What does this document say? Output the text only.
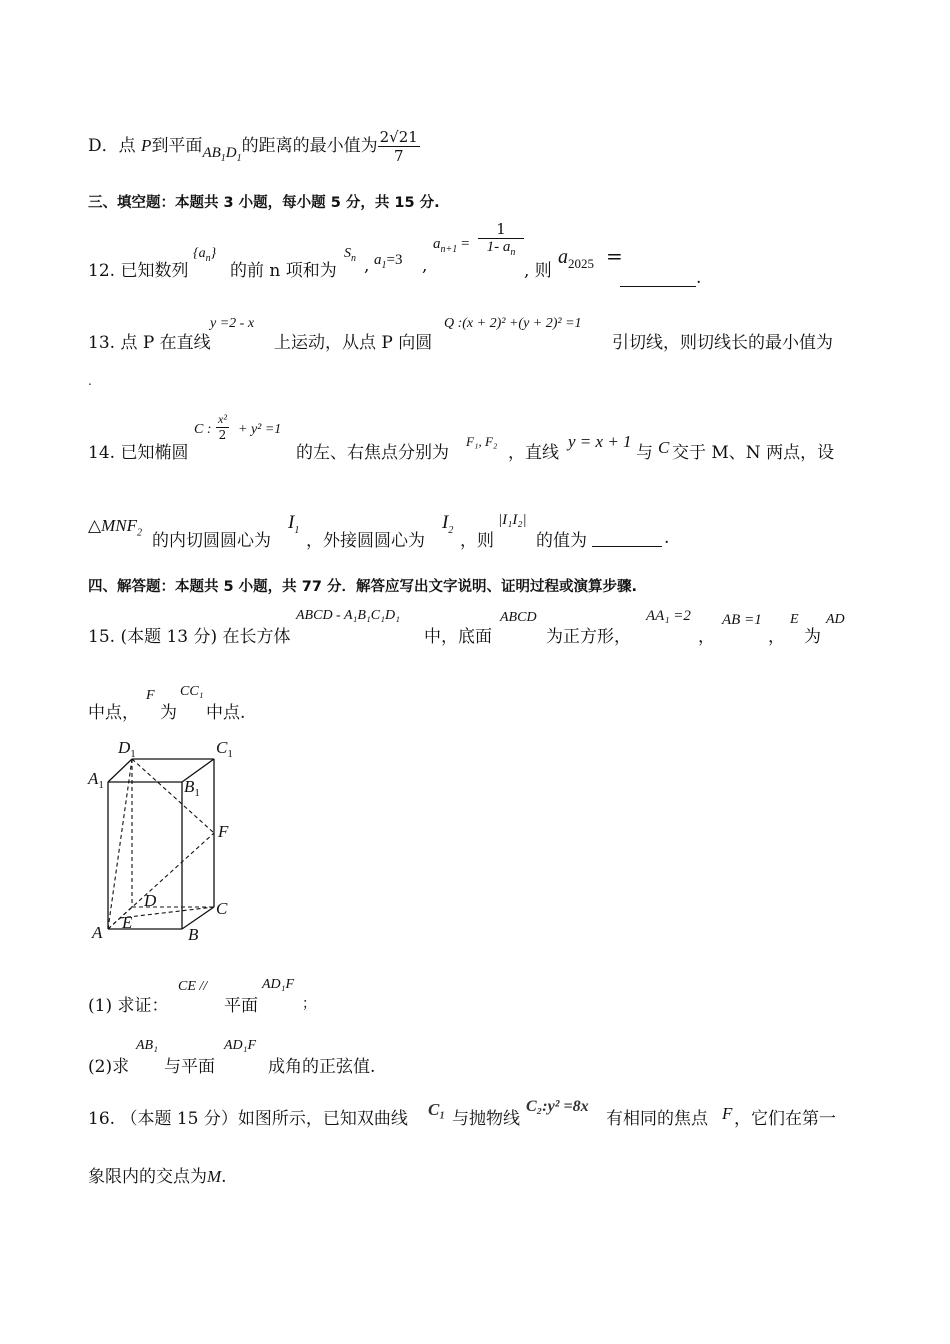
D．点 P到平面$AB_1D_1$的距离的最小值为 $\frac{2√21}{7}$
三、填空题：本题共 3 小题，每小题 5 分，共 15 分.
12. 已知数列
$\{a_n\}$
的前 n 项和为
$S_n$ , $a_1=3$ ,
$a_{n+1} = \frac{1}{1- a_n}$
, 则
$a_{2025}$ =
.
13. 点 P 在直线
y =2 - x
上运动，从点 P 向圆
Q :(x + 2)² +(y + 2)² =1
引切线，则切线长的最小值为
.
14. 已知椭圆
C : $\frac{\text{x²}}{2} + y^2 =1$
的左、右焦点分别为
F₁, F₂
，直线
y = x + 1
与 C 交于 M、N 两点，设
$\triangle MNF_2$ 的内切圆圆心为
$I_1$
，外接圆圆心为
$I_2$
，则
|I₁I₂|
的值为	.
四、解答题：本题共 5 小题，共 77 分．解答应写出文字说明、证明过程或演算步骤.
15. (本题 13 分) 在长方体
ABCD - A₁B₁C₁D₁
中，底面
ABCD
为正方形，
AA₁ =2
，
AB =1
，
E
为
AD
中点，
F
为
CC₁
中点.
$D_1$	$C_1$
$A_1$	$B_1$
F
D	C
A
E
B
(1) 求证：
CE //
平面
AD₁F
；
(2)求
AB₁
与平面
AD₁F
成角的正弦值.
16. （本题 15 分）如图所示，已知双曲线 C₁ 与抛物线
C₂:y² =8x
有相同的焦点 F ，它们在第一
象限内的交点为M.
